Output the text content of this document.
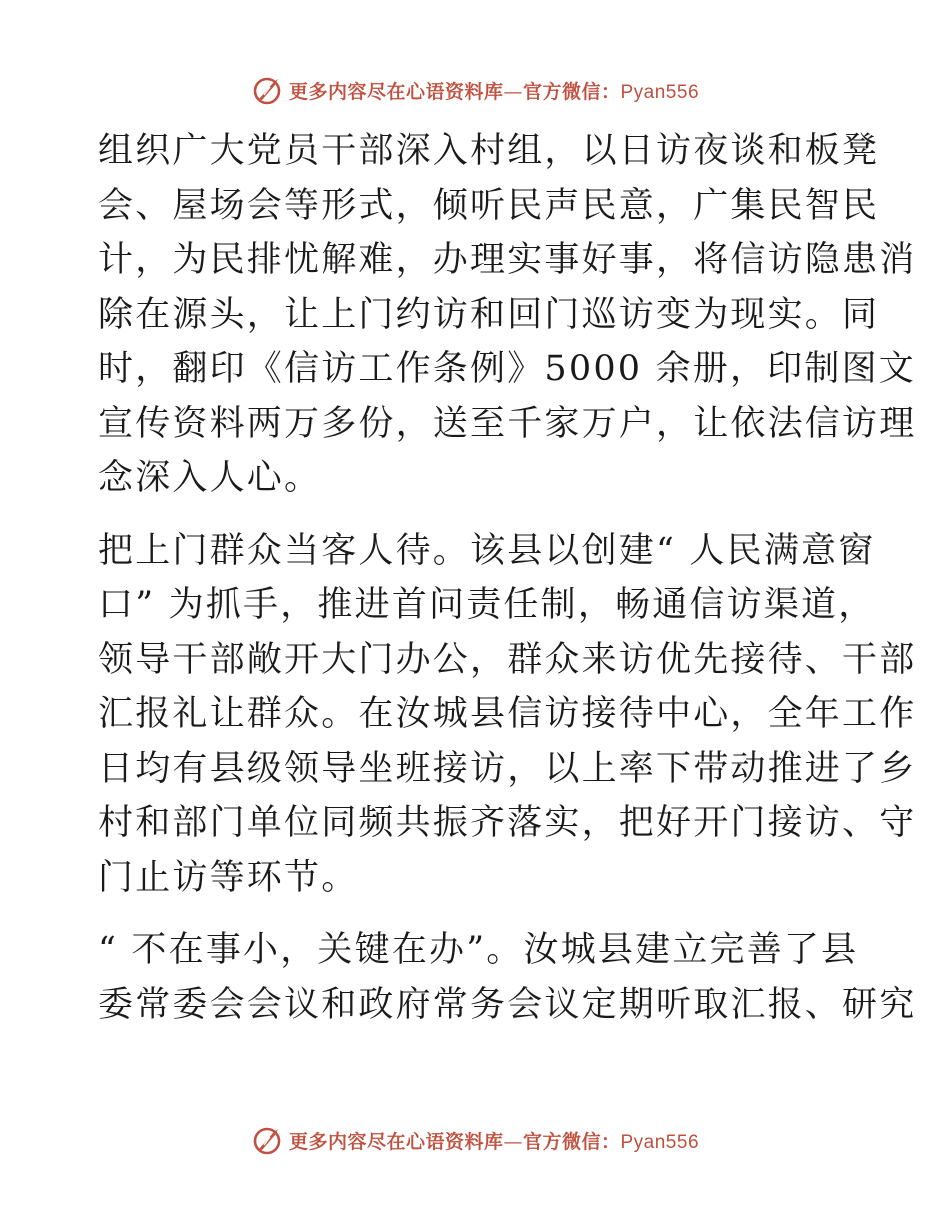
更多内容尽在心语资料库—官方微信：Pyan556

组织广大党员干部深入村组，以日访夜谈和板凳
会、屋场会等形式，倾听民声民意，广集民智民
计，为民排忧解难，办理实事好事，将信访隐患消
除在源头，让上门约访和回门巡访变为现实。同
时，翻印《信访工作条例》5000 余册，印制图文
宣传资料两万多份，送至千家万户，让依法信访理
念深入人心。

把上门群众当客人待。该县以创建“ 人民满意窗
口” 为抓手，推进首问责任制，畅通信访渠道，
领导干部敞开大门办公，群众来访优先接待、干部
汇报礼让群众。在汝城县信访接待中心，全年工作
日均有县级领导坐班接访，以上率下带动推进了乡
村和部门单位同频共振齐落实，把好开门接访、守
门止访等环节。

“ 不在事小，关键在办”。汝城县建立完善了县
委常委会会议和政府常务会议定期听取汇报、研究

更多内容尽在心语资料库—官方微信：Pyan556
